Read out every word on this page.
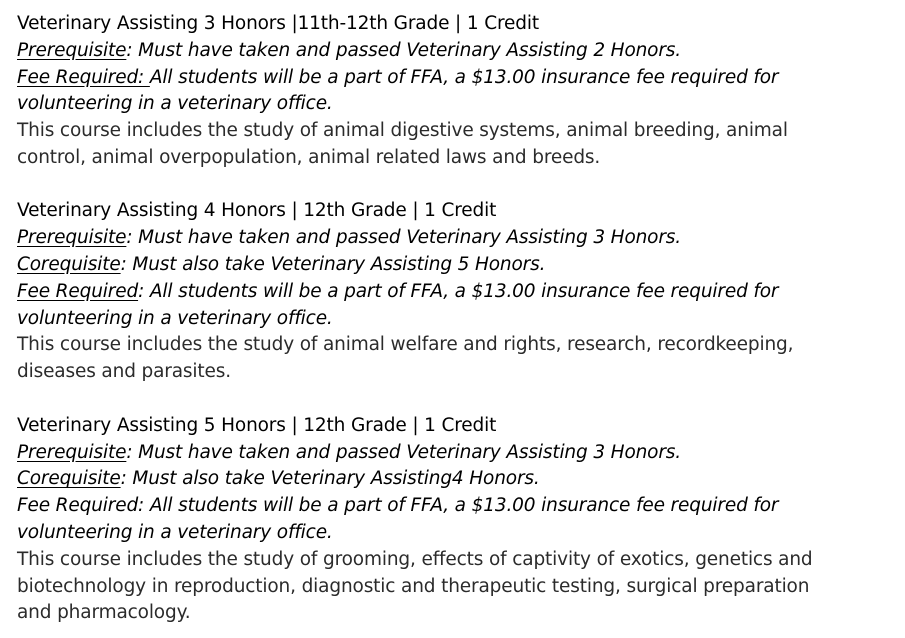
Veterinary Assisting 3 Honors |11th-12th Grade | 1 Credit
Prerequisite: Must have taken and passed Veterinary Assisting 2 Honors.
Fee Required: All students will be a part of FFA, a $13.00 insurance fee required for
volunteering in a veterinary office.
This course includes the study of animal digestive systems, animal breeding, animal
control, animal overpopulation, animal related laws and breeds.
Veterinary Assisting 4 Honors | 12th Grade | 1 Credit
Prerequisite: Must have taken and passed Veterinary Assisting 3 Honors.
Corequisite: Must also take Veterinary Assisting 5 Honors.
Fee Required: All students will be a part of FFA, a $13.00 insurance fee required for
volunteering in a veterinary office.
This course includes the study of animal welfare and rights, research, recordkeeping,
diseases and parasites.
Veterinary Assisting 5 Honors | 12th Grade | 1 Credit
Prerequisite: Must have taken and passed Veterinary Assisting 3 Honors.
Corequisite: Must also take Veterinary Assisting4 Honors.
Fee Required: All students will be a part of FFA, a $13.00 insurance fee required for
volunteering in a veterinary office.
This course includes the study of grooming, effects of captivity of exotics, genetics and
biotechnology in reproduction, diagnostic and therapeutic testing, surgical preparation
and pharmacology.
